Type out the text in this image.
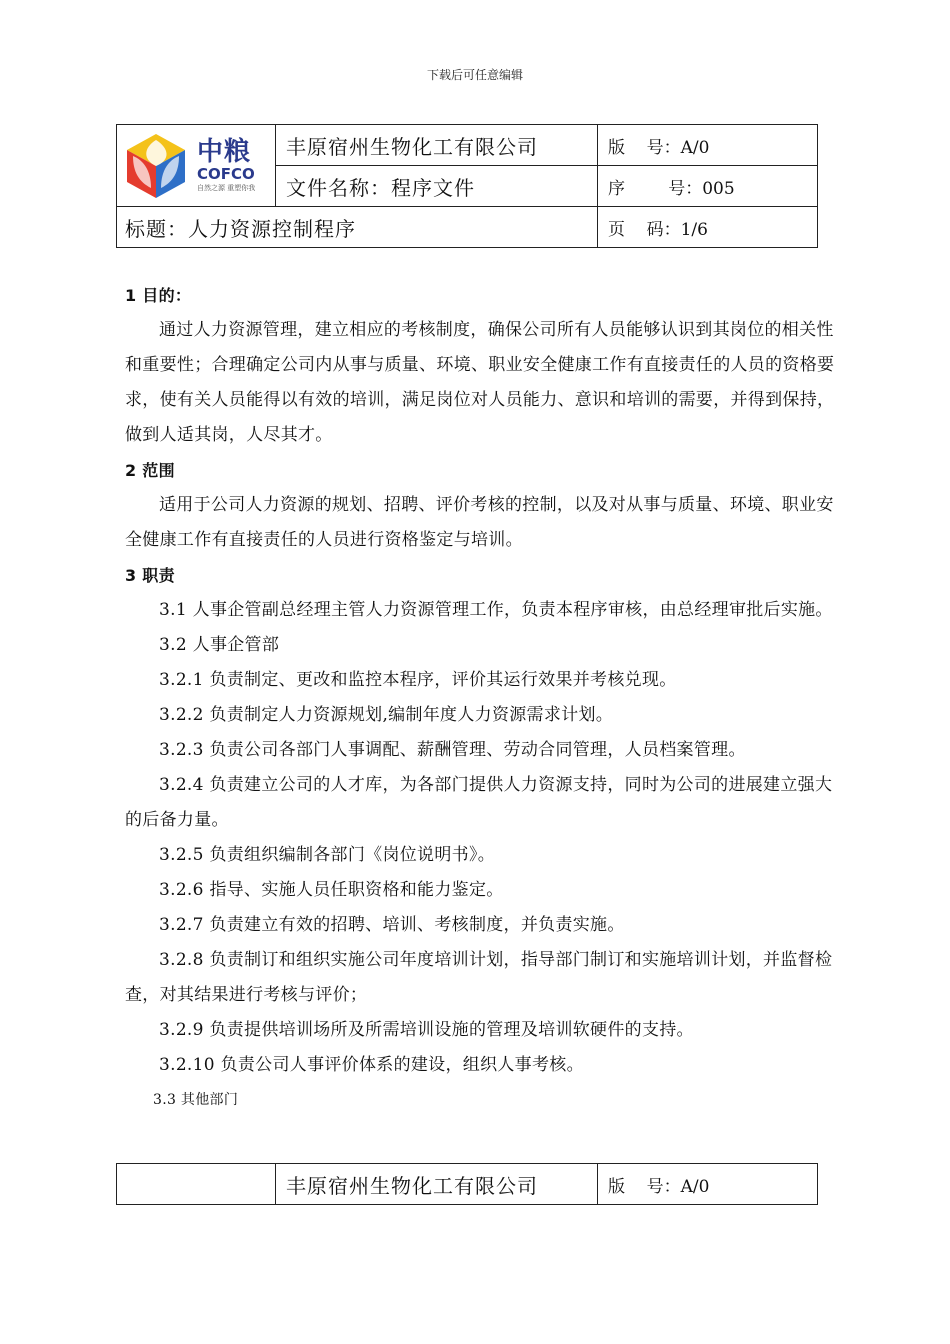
下载后可任意编辑
中粮
COFCO
自然之源 重塑你我	丰原宿州生物化工有限公司	版    号：A/0
	文件名称：程序文件	序        号：005
标题：人力资源控制程序		页    码：1/6

1 目的：

通过人力资源管理，建立相应的考核制度，确保公司所有人员能够认识到其岗位的相关性和重要性；合理确定公司内从事与质量、环境、职业安全健康工作有直接责任的人员的资格要求，使有关人员能得以有效的培训，满足岗位对人员能力、意识和培训的需要，并得到保持，做到人适其岗，人尽其才。

2 范围

适用于公司人力资源的规划、招聘、评价考核的控制，以及对从事与质量、环境、职业安全健康工作有直接责任的人员进行资格鉴定与培训。

3 职责

3.1 人事企管副总经理主管人力资源管理工作，负责本程序审核，由总经理审批后实施。

3.2 人事企管部

3.2.1 负责制定、更改和监控本程序，评价其运行效果并考核兑现。

3.2.2 负责制定人力资源规划,编制年度人力资源需求计划。

3.2.3 负责公司各部门人事调配、薪酬管理、劳动合同管理，人员档案管理。

3.2.4 负责建立公司的人才库，为各部门提供人力资源支持，同时为公司的进展建立强大的后备力量。

3.2.5 负责组织编制各部门《岗位说明书》。

3.2.6 指导、实施人员任职资格和能力鉴定。

3.2.7 负责建立有效的招聘、培训、考核制度，并负责实施。

3.2.8 负责制订和组织实施公司年度培训计划，指导部门制订和实施培训计划，并监督检查，对其结果进行考核与评价；

3.2.9 负责提供培训场所及所需培训设施的管理及培训软硬件的支持。

3.2.10 负责公司人事评价体系的建设，组织人事考核。

3.3 其他部门

	丰原宿州生物化工有限公司	版    号：A/0
